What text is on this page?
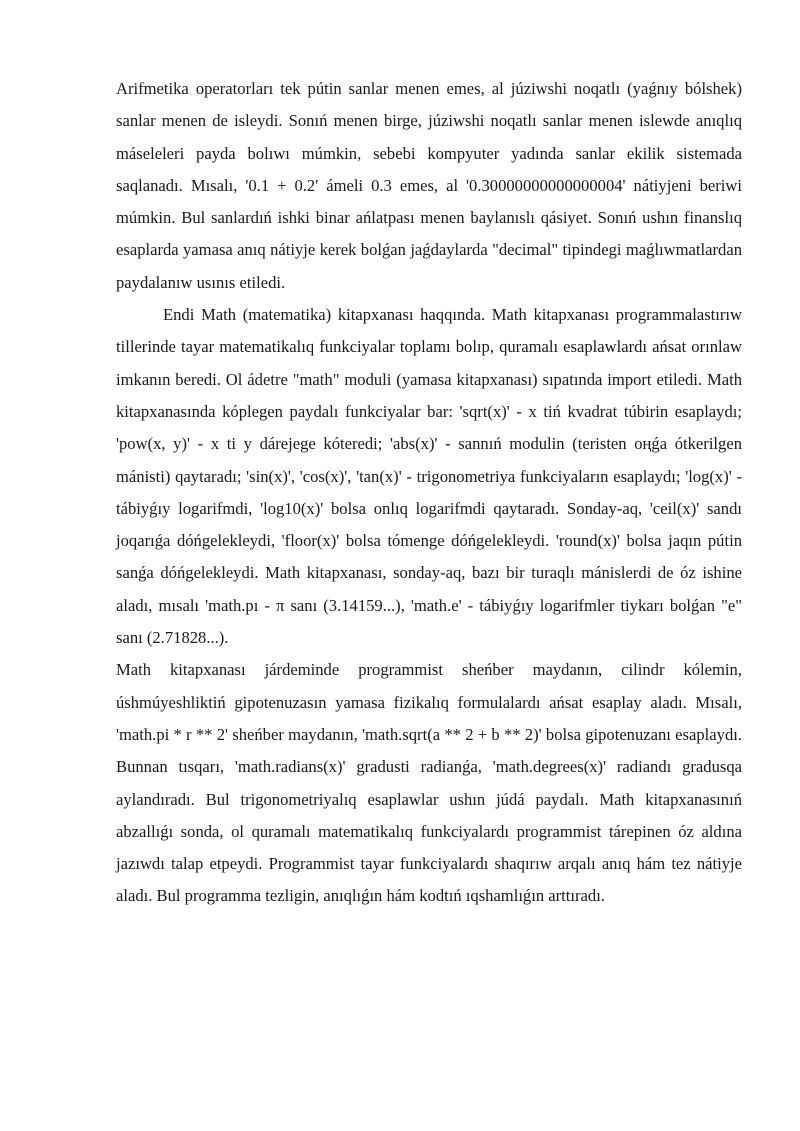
Arifmetika operatorları tek pútin sanlar menen emes, al júziwshi noqatlı (yaǵnıy bólshek) sanlar menen de isleydi. Sonıń menen birge, júziwshi noqatlı sanlar menen islewde anıqlıq máseleleri payda bolıwı múmkin, sebebi kompyuter yadında sanlar ekilik sistemada saqlanadı. Mısalı, '0.1 + 0.2' ámeli 0.3 emes, al '0.30000000000000004' nátiyjeni beriwi múmkin. Bul sanlardıń ishki binar ańlatpası menen baylanıslı qásiyet. Sonıń ushın finanslıq esaplarda yamasa anıq nátiyje kerek bolǵan jaǵdaylarda "decimal" tipindegi maǵlıwmatlardan paydalanıw usınıs etiledi.

Endi Math (matematika) kitapxanası haqqında. Math kitapxanası programmalastırıw tillerinde tayar matematikalıq funkciyalar toplamı bolıp, quramalı esaplawlardı ańsat orınlaw imkanın beredi. Ol ádetre "math" moduli (yamasa kitapxanası) sıpatında import etiledi. Math kitapxanasında kóplegen paydalı funkciyalar bar: 'sqrt(x)' - x tiń kvadrat túbirin esaplaydı; 'pow(x, y)' - x ti y dárejege kóteredi; 'abs(x)' - sannıń modulin (teristen oңǵa ótkerilgen mánisti) qaytaradı; 'sin(x)', 'cos(x)', 'tan(x)' - trigonometriya funkciyaların esaplaydı; 'log(x)' - tábiyǵıy logarifmdi, 'log10(x)' bolsa onlıq logarifmdi qaytaradı. Sonday-aq, 'ceil(x)' sandı joqarıǵa dóńgelekleydi, 'floor(x)' bolsa tómenge dóńgelekleydi. 'round(x)' bolsa jaqın pútin sanǵa dóńgelekleydi. Math kitapxanası, sonday-aq, bazı bir turaqlı mánislerdi de óz ishine aladı, mısalı 'math.pı - π sanı (3.14159...), 'math.e' - tábiyǵıy logarifmler tiykarı bolǵan "e" sanı (2.71828...).

Math kitapxanası járdeminde programmist sheńber maydanın, cilindr kólemin, úshmúyeshliktiń gipotenuzasın yamasa fizikalıq formulalardı ańsat esaplay aladı. Mısalı, 'math.pi * r ** 2' sheńber maydanın, 'math.sqrt(a ** 2 + b ** 2)' bolsa gipotenuzanı esaplaydı. Bunnan tısqarı, 'math.radians(x)' gradusti radianǵa, 'math.degrees(x)' radiandı gradusqa aylandıradı. Bul trigonometriyalıq esaplawlar ushın júdá paydalı. Math kitapxanasınıń abzallıǵı sonda, ol quramalı matematikalıq funkciyalardı programmist tárepinen óz aldına jazıwdı talap etpeydi. Programmist tayar funkciyalardı shaqırıw arqalı anıq hám tez nátiyje aladı. Bul programma tezligin, anıqlıǵın hám kodtıń ıqshamlıǵın arttıradı.
